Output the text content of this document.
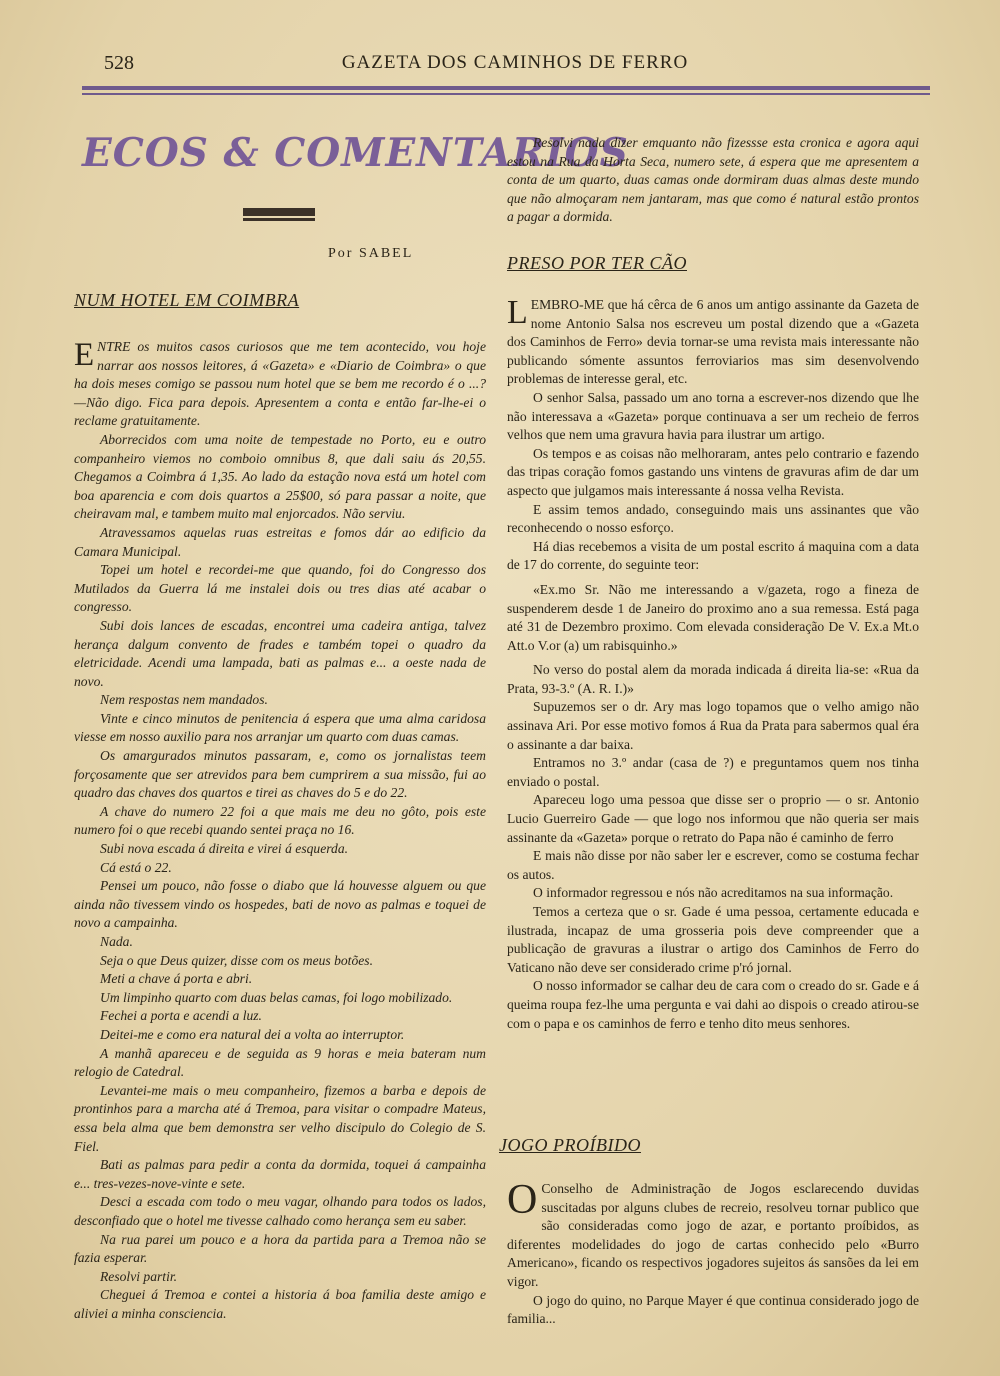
528	GAZETA DOS CAMINHOS DE FERRO
ECOS & COMENTARIOS
Por SABEL

Resolvi nada dizer emquanto não fizessse esta cronica e agora aqui estou na Rua da Horta Seca, numero sete, á espera que me apresentem a conta de um quarto, duas camas onde dormiram duas almas deste mundo que não almoçaram nem jantaram, mas que como é natural estão prontos a pagar a dormida.

NUM HOTEL EM COIMBRA

ENTRE os muitos casos curiosos que me tem acontecido, vou hoje narrar aos nossos leitores, á «Gazeta» e «Diario de Coimbra» o que ha dois meses comigo se passou num hotel que se bem me recordo é o ...? —Não digo. Fica para depois. Apresentem a conta e então far-lhe-ei o reclame gratuitamente.

Aborrecidos com uma noite de tempestade no Porto, eu e outro companheiro viemos no comboio omnibus 8, que dali saiu ás 20,55. Chegamos a Coimbra á 1,35. Ao lado da estação nova está um hotel com boa aparencia e com dois quartos a 25$00, só para passar a noite, que cheiravam mal, e tambem muito mal enjorcados. Não serviu.

Atravessamos aquelas ruas estreitas e fomos dár ao edificio da Camara Municipal.

Topei um hotel e recordei-me que quando, foi do Congresso dos Mutilados da Guerra lá me instalei dois ou tres dias até acabar o congresso.

Subi dois lances de escadas, encontrei uma cadeira antiga, talvez herança dalgum convento de frades e também topei o quadro da eletricidade. Acendi uma lampada, bati as palmas e... a oeste nada de novo.

Nem respostas nem mandados.

Vinte e cinco minutos de penitencia á espera que uma alma caridosa viesse em nosso auxilio para nos arranjar um quarto com duas camas.

Os amargurados minutos passaram, e, como os jornalistas teem forçosamente que ser atrevidos para bem cumprirem a sua missão, fui ao quadro das chaves dos quartos e tirei as chaves do 5 e do 22.

A chave do numero 22 foi a que mais me deu no gôto, pois este numero foi o que recebi quando sentei praça no 16.

Subi nova escada á direita e virei á esquerda.

Cá está o 22.

Pensei um pouco, não fosse o diabo que lá houvesse alguem ou que ainda não tivessem vindo os hospedes, bati de novo as palmas e toquei de novo a campainha.

Nada.

Seja o que Deus quizer, disse com os meus botões.

Meti a chave á porta e abri.

Um limpinho quarto com duas belas camas, foi logo mobilizado.

Fechei a porta e acendi a luz.

Deitei-me e como era natural dei a volta ao interruptor.

A manhã apareceu e de seguida as 9 horas e meia bateram num relogio de Catedral.

Levantei-me mais o meu companheiro, fizemos a barba e depois de prontinhos para a marcha até á Tremoa, para visitar o compadre Mateus, essa bela alma que bem demonstra ser velho discipulo do Colegio de S. Fiel.

Bati as palmas para pedir a conta da dormida, toquei á campainha e... tres-vezes-nove-vinte e sete.

Desci a escada com todo o meu vagar, olhando para todos os lados, desconfiado que o hotel me tivesse calhado como herança sem eu saber.

Na rua parei um pouco e a hora da partida para a Tremoa não se fazia esperar.

Resolvi partir.

Cheguei á Tremoa e contei a historia á boa familia deste amigo e aliviei a minha consciencia.

PRESO POR TER CÃO

LEMBRO-ME que há cêrca de 6 anos um antigo assinante da Gazeta de nome Antonio Salsa nos escreveu um postal dizendo que a «Gazeta dos Caminhos de Ferro» devia tornar-se uma revista mais interessante não publicando sómente assuntos ferroviarios mas sim desenvolvendo problemas de interesse geral, etc.

O senhor Salsa, passado um ano torna a escrever-nos dizendo que lhe não interessava a «Gazeta» porque continuava a ser um recheio de ferros velhos que nem uma gravura havia para ilustrar um artigo.

Os tempos e as coisas não melhoraram, antes pelo contrario e fazendo das tripas coração fomos gastando uns vintens de gravuras afim de dar um aspecto que julgamos mais interessante á nossa velha Revista.

E assim temos andado, conseguindo mais uns assinantes que vão reconhecendo o nosso esforço.

Há dias recebemos a visita de um postal escrito á maquina com a data de 17 do corrente, do seguinte teor:

«Ex.mo Sr. Não me interessando a v/gazeta, rogo a fineza de suspenderem desde 1 de Janeiro do proximo ano a sua remessa. Está paga até 31 de Dezembro proximo. Com elevada consideração De V. Ex.a Mt.o Att.o V.or (a) um rabisquinho.»

No verso do postal alem da morada indicada á direita lia-se: «Rua da Prata, 93-3.º (A. R. I.)»

Supuzemos ser o dr. Ary mas logo topamos que o velho amigo não assinava Ari. Por esse motivo fomos á Rua da Prata para sabermos qual éra o assinante a dar baixa.

Entramos no 3.º andar (casa de ?) e preguntamos quem nos tinha enviado o postal.

Apareceu logo uma pessoa que disse ser o proprio — o sr. Antonio Lucio Guerreiro Gade — que logo nos informou que não queria ser mais assinante da «Gazeta» porque o retrato do Papa não é caminho de ferro

E mais não disse por não saber ler e escrever, como se costuma fechar os autos.

O informador regressou e nós não acreditamos na sua informação.

Temos a certeza que o sr. Gade é uma pessoa, certamente educada e ilustrada, incapaz de uma grosseria pois deve compreender que a publicação de gravuras a ilustrar o artigo dos Caminhos de Ferro do Vaticano não deve ser considerado crime p'ró jornal.

O nosso informador se calhar deu de cara com o creado do sr. Gade e á queima roupa fez-lhe uma pergunta e vai dahi ao dispois o creado atirou-se com o papa e os caminhos de ferro e tenho dito meus senhores.

JOGO PROÍBIDO

O Conselho de Administração de Jogos esclarecendo duvidas suscitadas por alguns clubes de recreio, resolveu tornar publico que são consideradas como jogo de azar, e portanto proíbidos, as diferentes modelidades do jogo de cartas conhecido pelo «Burro Americano», ficando os respectivos jogadores sujeitos ás sansões da lei em vigor.

O jogo do quino, no Parque Mayer é que continua considerado jogo de familia...
